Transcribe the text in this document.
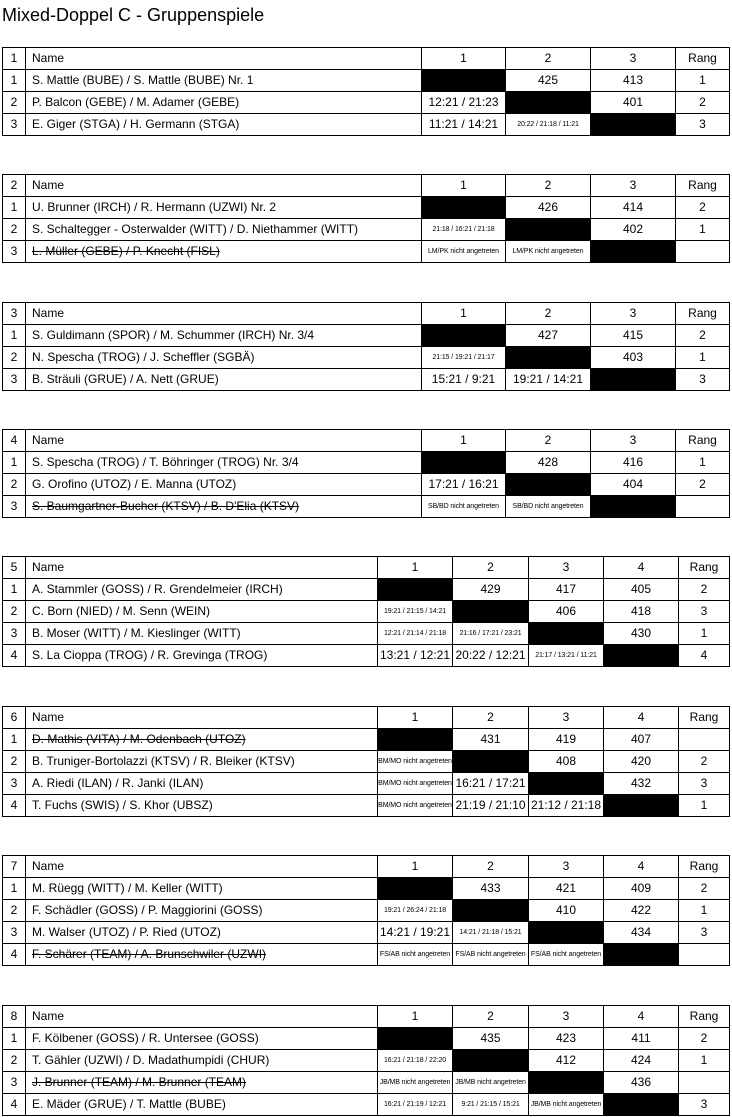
Mixed-Doppel C - Gruppenspiele
1	Name	1	2	3	Rang
1	S. Mattle (BUBE) / S. Mattle (BUBE) Nr. 1		425	413	1
2	P. Balcon (GEBE) / M. Adamer (GEBE)	12:21 / 21:23		401	2
3	E. Giger (STGA) / H. Germann (STGA)	11:21 / 14:21	20:22 / 21:18 / 11:21		3
2	Name	1	2	3	Rang
1	U. Brunner (IRCH) / R. Hermann (UZWI) Nr. 2		426	414	2
2	S. Schaltegger - Osterwalder (WITT) / D. Niethammer (WITT)	21:18 / 16:21 / 21:18		402	1
3	L. Müller (GEBE) / P. Knecht (FISL)	LM/PK nicht angetreten	LM/PK nicht angetreten		
3	Name	1	2	3	Rang
1	S. Guldimann (SPOR) / M. Schummer (IRCH) Nr. 3/4		427	415	2
2	N. Spescha (TROG) / J. Scheffler (SGBÄ)	21:15 / 19:21 / 21:17		403	1
3	B. Sträuli (GRUE) / A. Nett (GRUE)	15:21 / 9:21	19:21 / 14:21		3
4	Name	1	2	3	Rang
1	S. Spescha (TROG) / T. Böhringer (TROG) Nr. 3/4		428	416	1
2	G. Orofino (UTOZ) / E. Manna (UTOZ)	17:21 / 16:21		404	2
3	S. Baumgartner-Bucher (KTSV) / B. D'Elia (KTSV)	SB/BD nicht angetreten	SB/BD nicht angetreten		
5	Name	1	2	3	4	Rang
1	A. Stammler (GOSS) / R. Grendelmeier (IRCH)		429	417	405	2
2	C. Born (NIED) / M. Senn (WEIN)	19:21 / 21:15 / 14:21		406	418	3
3	B. Moser (WITT) / M. Kieslinger (WITT)	12:21 / 21:14 / 21:18	21:16 / 17:21 / 23:21		430	1
4	S. La Cioppa (TROG) / R. Grevinga (TROG)	13:21 / 12:21	20:22 / 12:21	21:17 / 13:21 / 11:21		4
6	Name	1	2	3	4	Rang
1	D. Mathis (VITA) / M. Odenbach (UTOZ)		431	419	407	
2	B. Truniger-Bortolazzi (KTSV) / R. Bleiker (KTSV)	BM/MO nicht angetreten		408	420	2
3	A. Riedi (ILAN) / R. Janki (ILAN)	BM/MO nicht angetreten	16:21 / 17:21		432	3
4	T. Fuchs (SWIS) / S. Khor (UBSZ)	BM/MO nicht angetreten	21:19 / 21:10	21:12 / 21:18		1
7	Name	1	2	3	4	Rang
1	M. Rüegg (WITT) / M. Keller (WITT)		433	421	409	2
2	F. Schädler (GOSS) / P. Maggiorini (GOSS)	19:21 / 26:24 / 21:18		410	422	1
3	M. Walser (UTOZ) / P. Ried (UTOZ)	14:21 / 19:21	14:21 / 21:18 / 15:21		434	3
4	F. Schärer (TEAM) / A. Brunschwiler (UZWI)	FS/AB nicht angetreten	FS/AB nicht angetreten	FS/AB nicht angetreten		
8	Name	1	2	3	4	Rang
1	F. Kölbener (GOSS) / R. Untersee (GOSS)		435	423	411	2
2	T. Gähler (UZWI) / D. Madathumpidi (CHUR)	16:21 / 21:18 / 22:20		412	424	1
3	J. Brunner (TEAM) / M. Brunner (TEAM)	JB/MB nicht angetreten	JB/MB nicht angetreten		436	
4	E. Mäder (GRUE) / T. Mattle (BUBE)	16:21 / 21:19 / 12:21	9:21 / 21:15 / 15:21	JB/MB nicht angetreten		3
